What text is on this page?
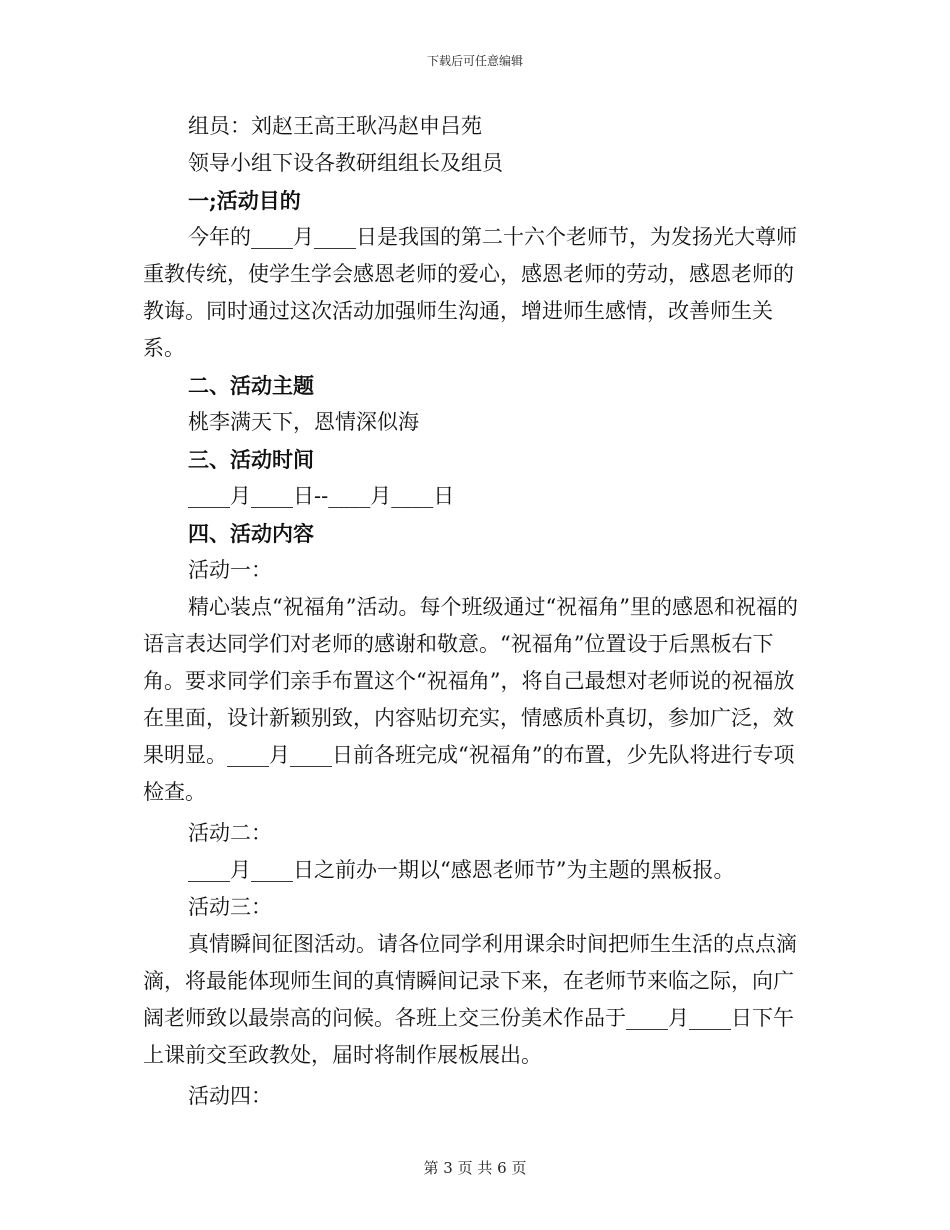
下载后可任意编辑
组员：刘赵王高王耿冯赵申吕苑
领导小组下设各教研组组长及组员
一;活动目的

今年的____月____日是我国的第二十六个老师节，为发扬光大尊师重教传统，使学生学会感恩老师的爱心，感恩老师的劳动，感恩老师的教诲。同时通过这次活动加强师生沟通，增进师生感情，改善师生关系。

二、活动主题
桃李满天下，恩情深似海
三、活动时间
____月____日--____月____日
四、活动内容
活动一：

精心装点“祝福角”活动。每个班级通过“祝福角”里的感恩和祝福的语言表达同学们对老师的感谢和敬意。“祝福角”位置设于后黑板右下角。要求同学们亲手布置这个“祝福角”，将自己最想对老师说的祝福放在里面，设计新颖别致，内容贴切充实，情感质朴真切，参加广泛，效果明显。____月____日前各班完成“祝福角”的布置，少先队将进行专项检查。

活动二：
____月____日之前办一期以“感恩老师节”为主题的黑板报。
活动三：

真情瞬间征图活动。请各位同学利用课余时间把师生生活的点点滴滴，将最能体现师生间的真情瞬间记录下来，在老师节来临之际，向广阔老师致以最崇高的问候。各班上交三份美术作品于____月____日下午上课前交至政教处，届时将制作展板展出。

活动四：
第 3 页 共 6 页
